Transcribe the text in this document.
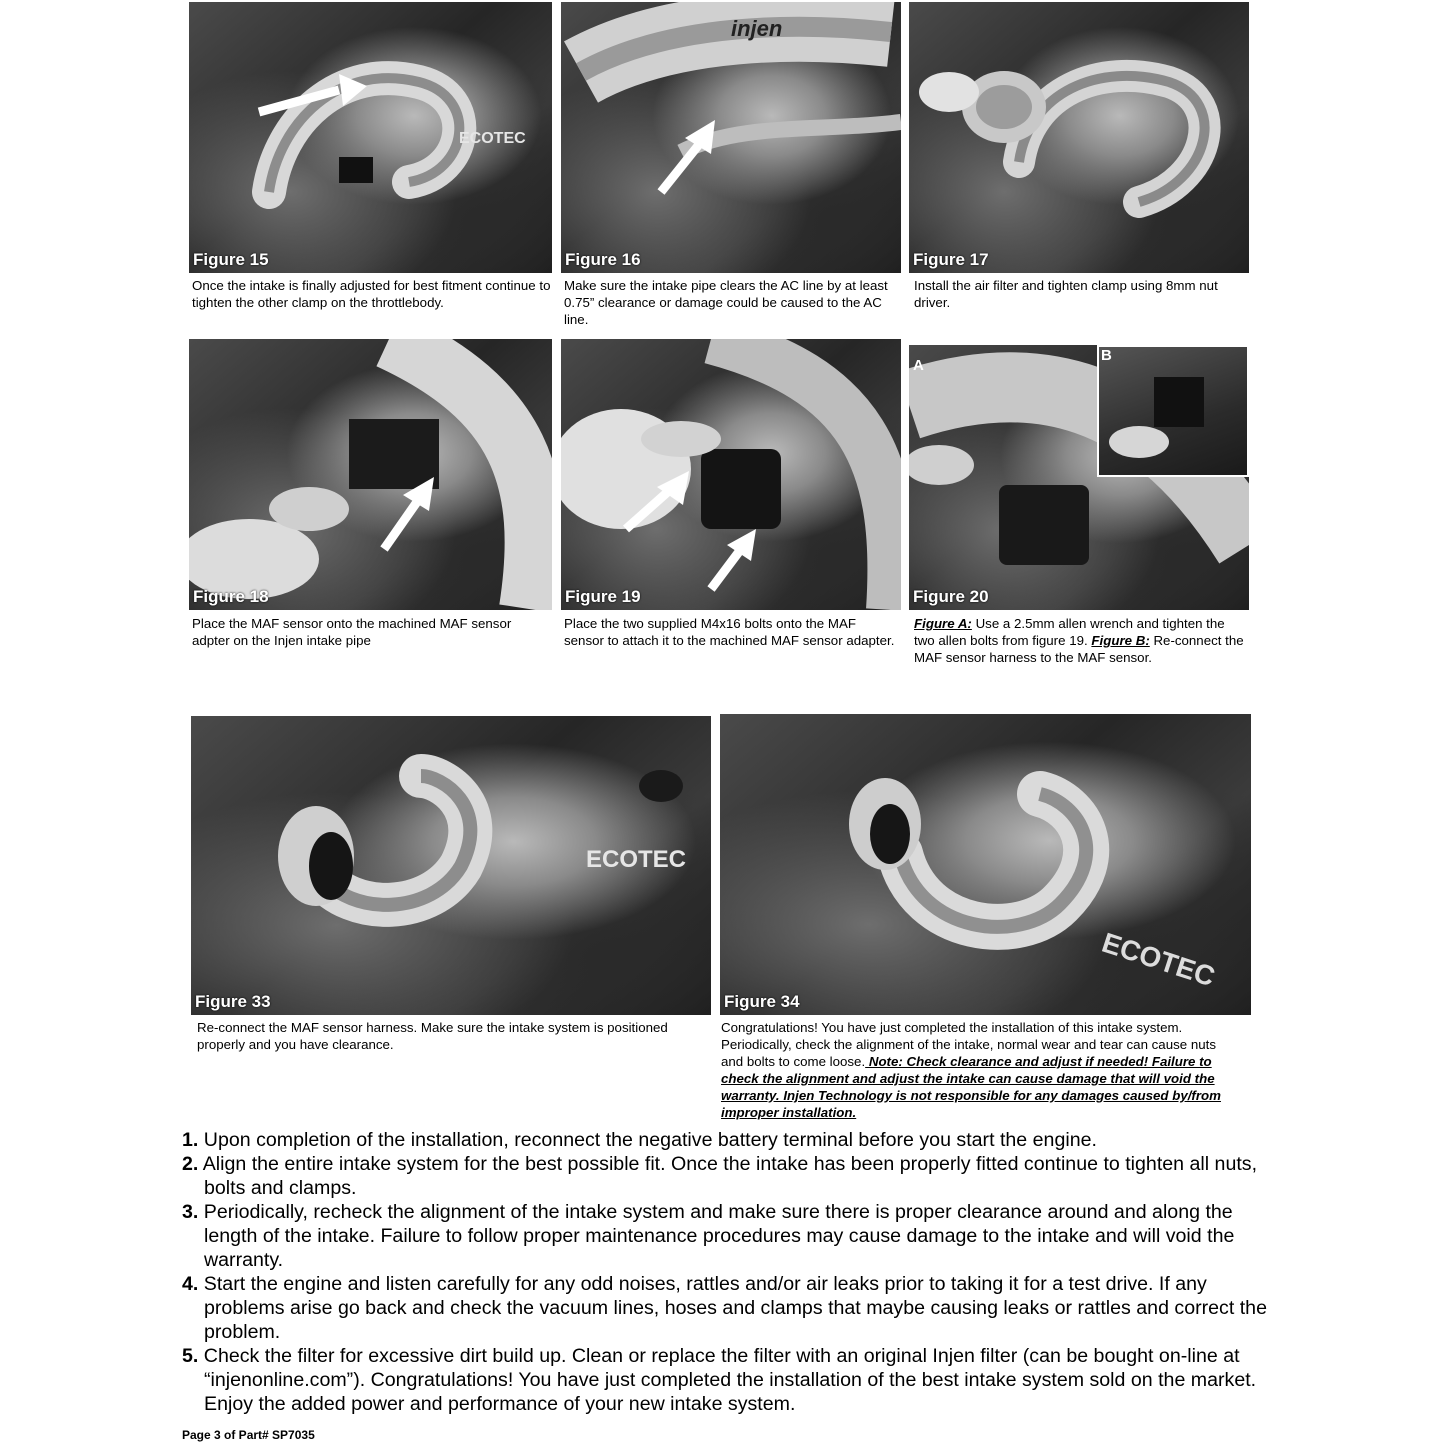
ECOTEC
Figure 15

Once the intake is finally adjusted for best fitment continue to tighten the other clamp on the throttlebody.

injen
Figure 16

Make sure the intake pipe clears the AC line by at least 0.75” clearance or damage could be caused to the AC line.

Figure 17

Install the air filter and tighten clamp using 8mm nut driver.

Figure 18

Place the MAF sensor onto the machined MAF sensor adpter on the Injen intake pipe

Figure 19

Place the two supplied M4x16 bolts onto the MAF sensor to attach it to the machined MAF sensor adapter.

A
B
Figure 20

Figure A: Use a 2.5mm allen wrench and tighten the two allen bolts from figure 19. Figure B: Re-connect the MAF sensor harness to the MAF sensor.

ECOTEC
Figure 33

Re-connect the MAF sensor harness. Make sure the intake system is positioned properly and you have clearance.

ECOTEC
Figure 34

Congratulations! You have just completed the installation of this intake system. Periodically, check the alignment of the intake, normal wear and tear can cause nuts and bolts to come loose. Note: Check clearance and adjust if needed! Failure to check the alignment and adjust the intake can cause damage that will void the warranty. Injen Technology is not responsible for any damages caused by/from improper installation.

1. Upon completion of the installation, reconnect the negative battery terminal before you start the engine.

2. Align the entire intake system for the best possible fit. Once the intake has been properly fitted continue to tighten all nuts, bolts and clamps.

3. Periodically, recheck the alignment of the intake system and make sure there is proper clearance around and along the length of the intake. Failure to follow proper maintenance procedures may cause damage to the intake and will void the warranty.

4. Start the engine and listen carefully for any odd noises, rattles and/or air leaks prior to taking it for a test drive. If any problems arise go back and check the vacuum lines, hoses and clamps that maybe causing leaks or rattles and correct the problem.

5. Check the filter for excessive dirt build up. Clean or replace the filter with an original Injen filter (can be bought on-line at “injenonline.com”). Congratulations! You have just completed the installation of the best intake system sold on the market. Enjoy the added power and performance of your new intake system.

Page 3 of Part# SP7035
